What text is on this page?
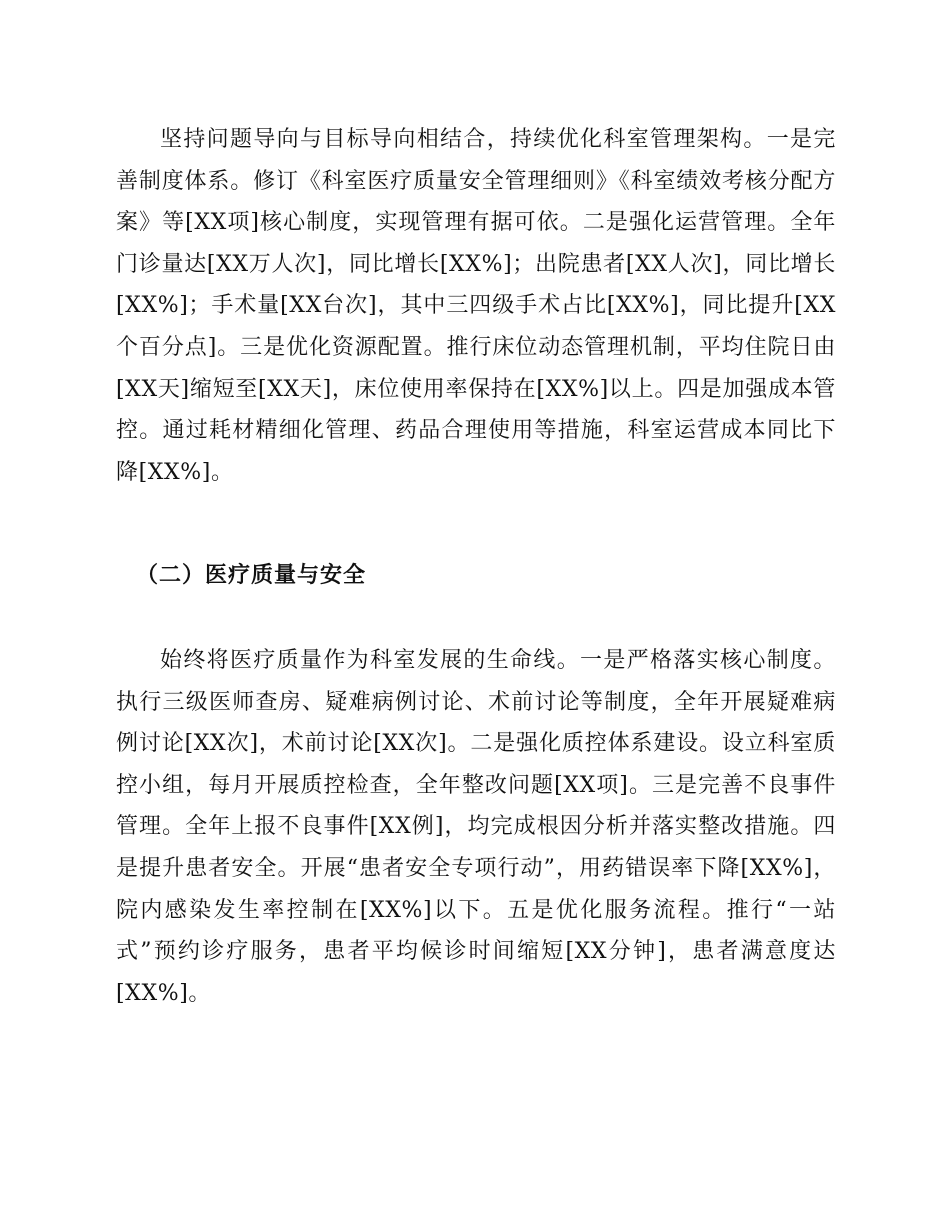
坚持问题导向与目标导向相结合，持续优化科室管理架构。一是完善制度体系。修订《科室医疗质量安全管理细则》《科室绩效考核分配方案》等[XX项]核心制度，实现管理有据可依。二是强化运营管理。全年门诊量达[XX万人次]，同比增长[XX%]；出院患者[XX人次]，同比增长[XX%]；手术量[XX台次]，其中三四级手术占比[XX%]，同比提升[XX个百分点]。三是优化资源配置。推行床位动态管理机制，平均住院日由[XX天]缩短至[XX天]，床位使用率保持在[XX%]以上。四是加强成本管控。通过耗材精细化管理、药品合理使用等措施，科室运营成本同比下降[XX%]。

（二）医疗质量与安全

始终将医疗质量作为科室发展的生命线。一是严格落实核心制度。执行三级医师查房、疑难病例讨论、术前讨论等制度，全年开展疑难病例讨论[XX次]，术前讨论[XX次]。二是强化质控体系建设。设立科室质控小组，每月开展质控检查，全年整改问题[XX项]。三是完善不良事件管理。全年上报不良事件[XX例]，均完成根因分析并落实整改措施。四是提升患者安全。开展“患者安全专项行动”，用药错误率下降[XX%]，院内感染发生率控制在[XX%]以下。五是优化服务流程。推行“一站式”预约诊疗服务，患者平均候诊时间缩短[XX分钟]，患者满意度达[XX%]。
